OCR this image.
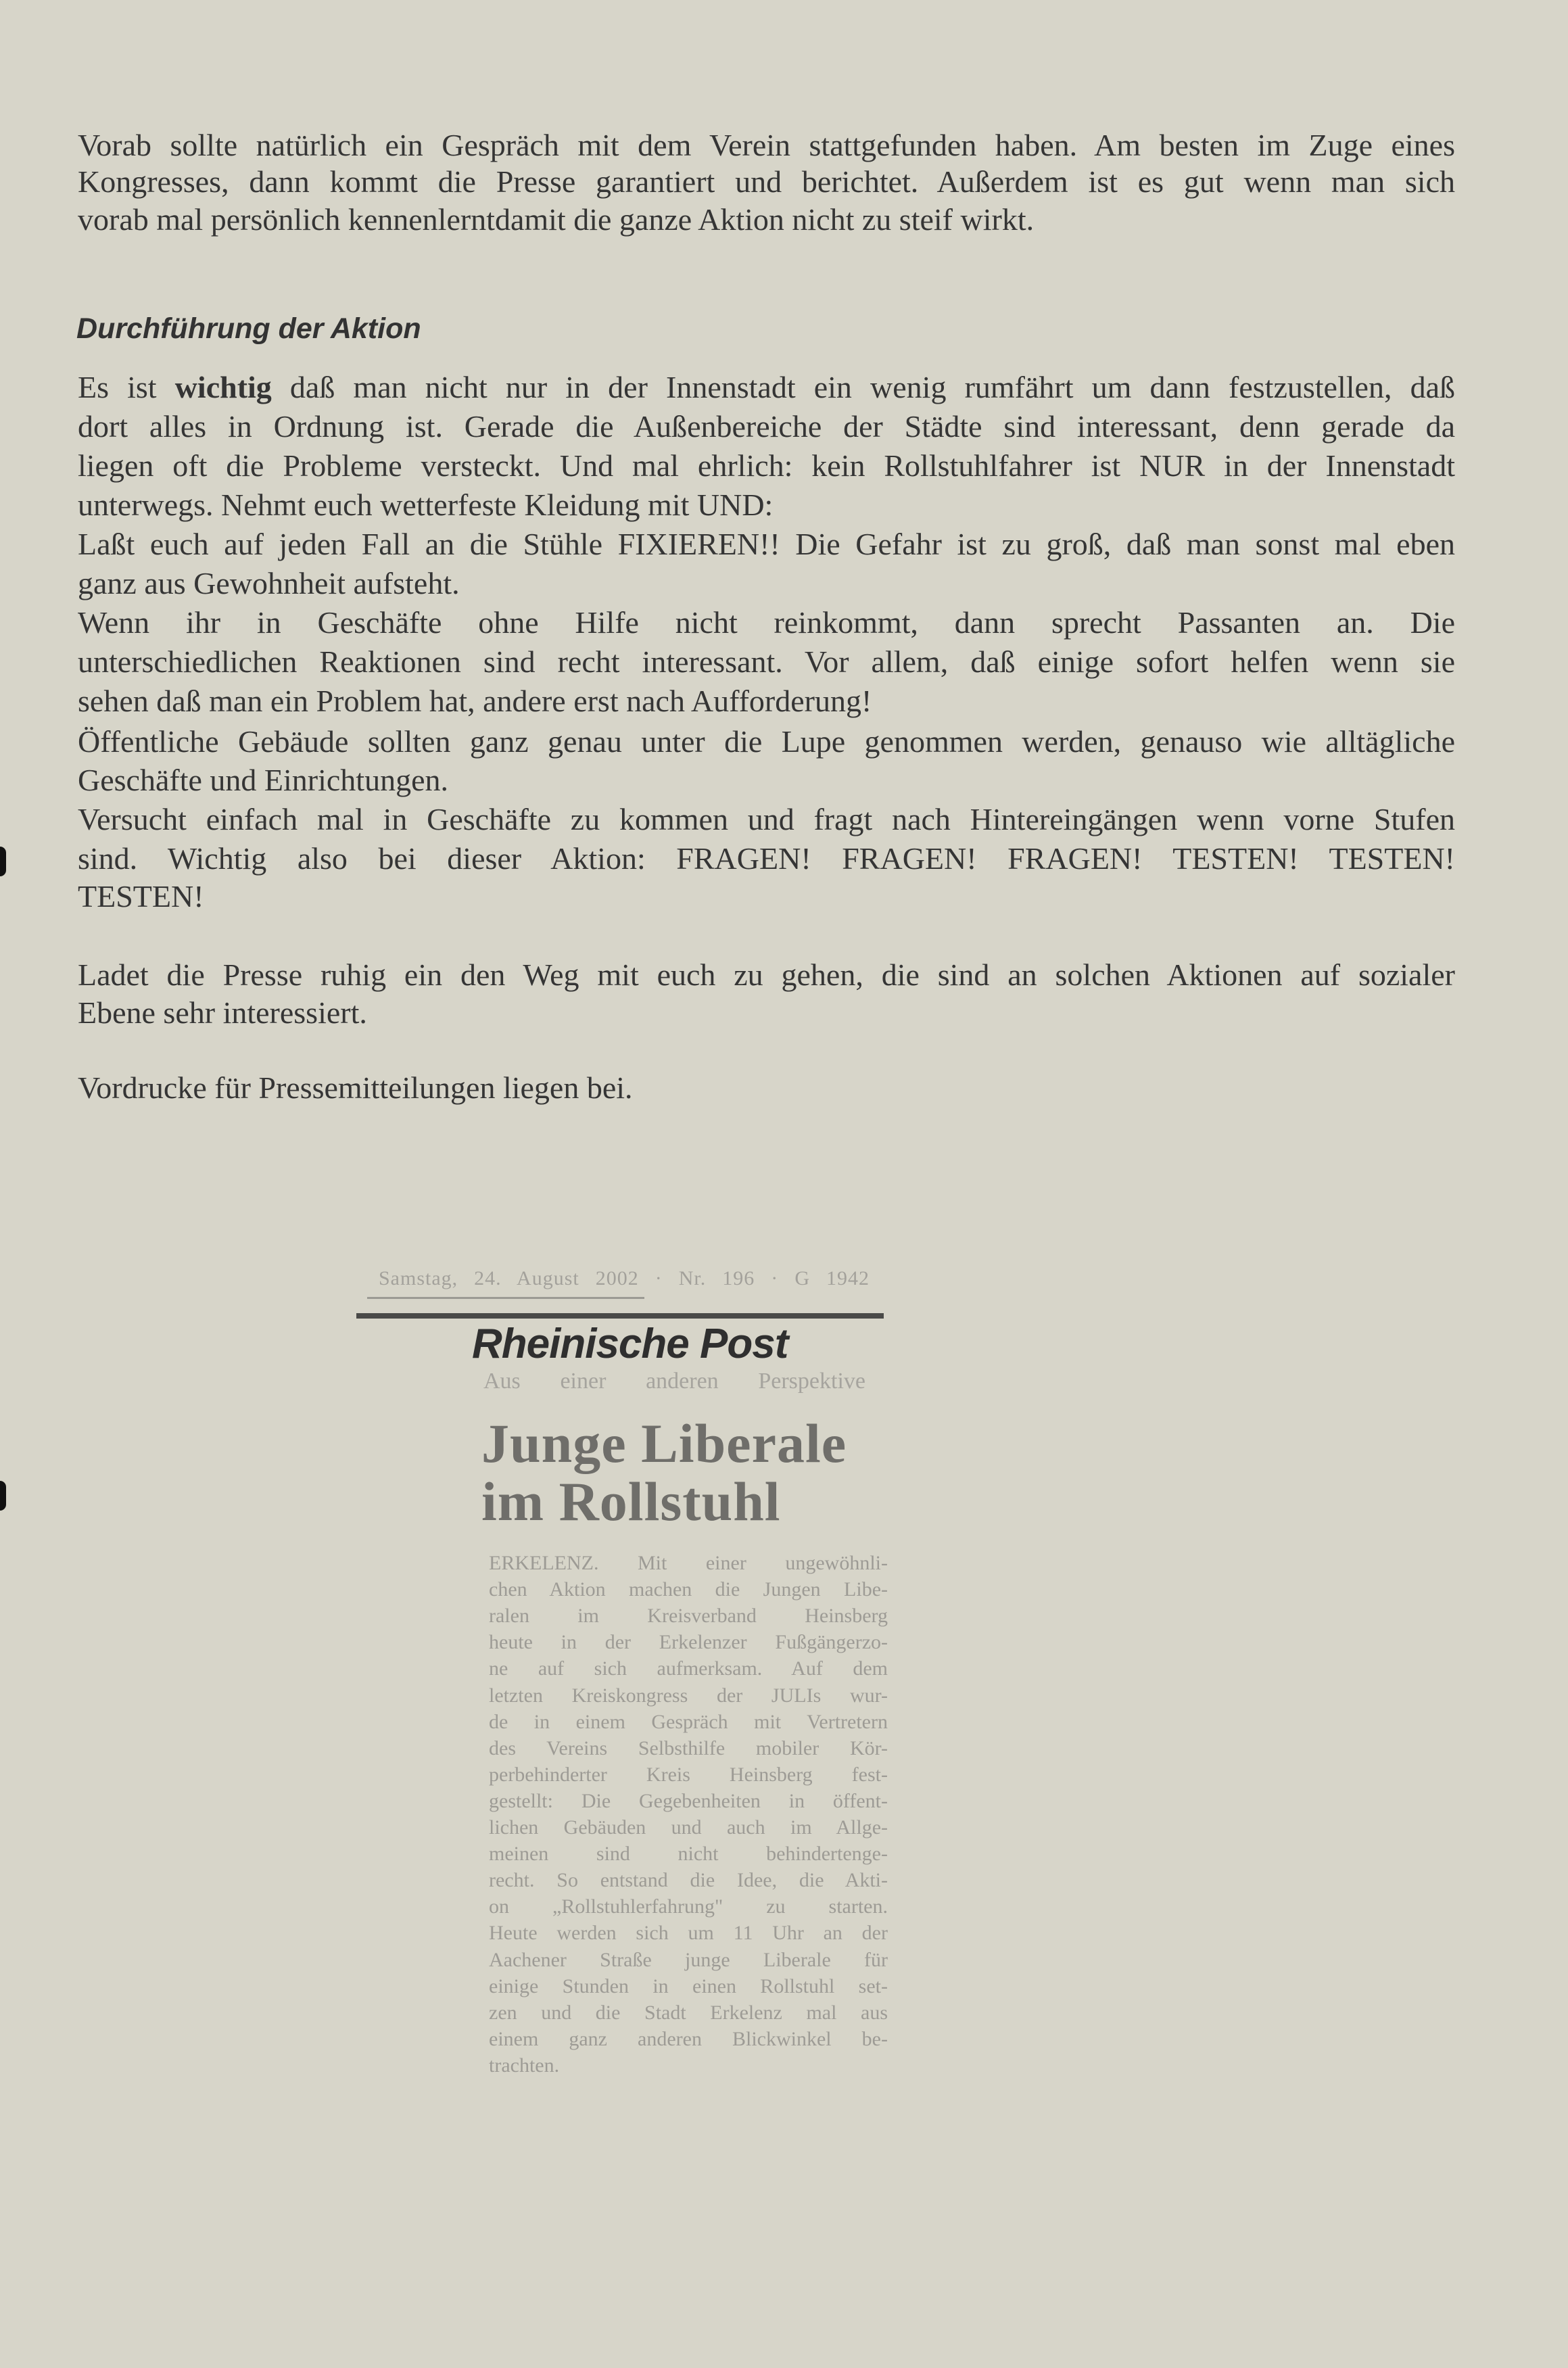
Vorab sollte natürlich ein Gespräch mit dem Verein stattgefunden haben. Am besten im Zuge eines
Kongresses, dann kommt die Presse garantiert und berichtet. Außerdem ist es gut wenn man sich
vorab mal persönlich kennenlerntdamit die ganze Aktion nicht zu steif wirkt.
Durchführung der Aktion
Es ist wichtig daß man nicht nur in der Innenstadt ein wenig rumfährt um dann festzustellen, daß
dort alles in Ordnung ist. Gerade die Außenbereiche der Städte sind interessant, denn gerade da
liegen oft die Probleme versteckt. Und mal ehrlich: kein Rollstuhlfahrer ist NUR in der Innenstadt
unterwegs. Nehmt euch wetterfeste Kleidung mit UND:
Laßt euch auf jeden Fall an die Stühle FIXIEREN!! Die Gefahr ist zu groß, daß man sonst mal eben
ganz aus Gewohnheit aufsteht.
Wenn ihr in Geschäfte ohne Hilfe nicht reinkommt, dann sprecht Passanten an. Die
unterschiedlichen Reaktionen sind recht interessant. Vor allem, daß einige sofort helfen wenn sie
sehen daß man ein Problem hat, andere erst nach Aufforderung!
Öffentliche Gebäude sollten ganz genau unter die Lupe genommen werden, genauso wie alltägliche
Geschäfte und Einrichtungen.
Versucht einfach mal in Geschäfte zu kommen und fragt nach Hintereingängen wenn vorne Stufen
sind. Wichtig also bei dieser Aktion: FRAGEN! FRAGEN! FRAGEN! TESTEN! TESTEN!
TESTEN!
Ladet die Presse ruhig ein den Weg mit euch zu gehen, die sind an solchen Aktionen auf sozialer
Ebene sehr interessiert.
Vordrucke für Pressemitteilungen liegen bei.
Samstag, 24. August 2002 · Nr. 196 · G 1942
Rheinische Post
Aus einer anderen Perspektive
Junge Liberale
im Rollstuhl
ERKELENZ. Mit einer ungewöhnli-
chen Aktion machen die Jungen Libe-
ralen im Kreisverband Heinsberg
heute in der Erkelenzer Fußgängerzo-
ne auf sich aufmerksam. Auf dem
letzten Kreiskongress der JULIs wur-
de in einem Gespräch mit Vertretern
des Vereins Selbsthilfe mobiler Kör-
perbehinderter Kreis Heinsberg fest-
gestellt: Die Gegebenheiten in öffent-
lichen Gebäuden und auch im Allge-
meinen sind nicht behindertenge-
recht. So entstand die Idee, die Akti-
on „Rollstuhlerfahrung" zu starten.
Heute werden sich um 11 Uhr an der
Aachener Straße junge Liberale für
einige Stunden in einen Rollstuhl set-
zen und die Stadt Erkelenz mal aus
einem ganz anderen Blickwinkel be-
trachten.
